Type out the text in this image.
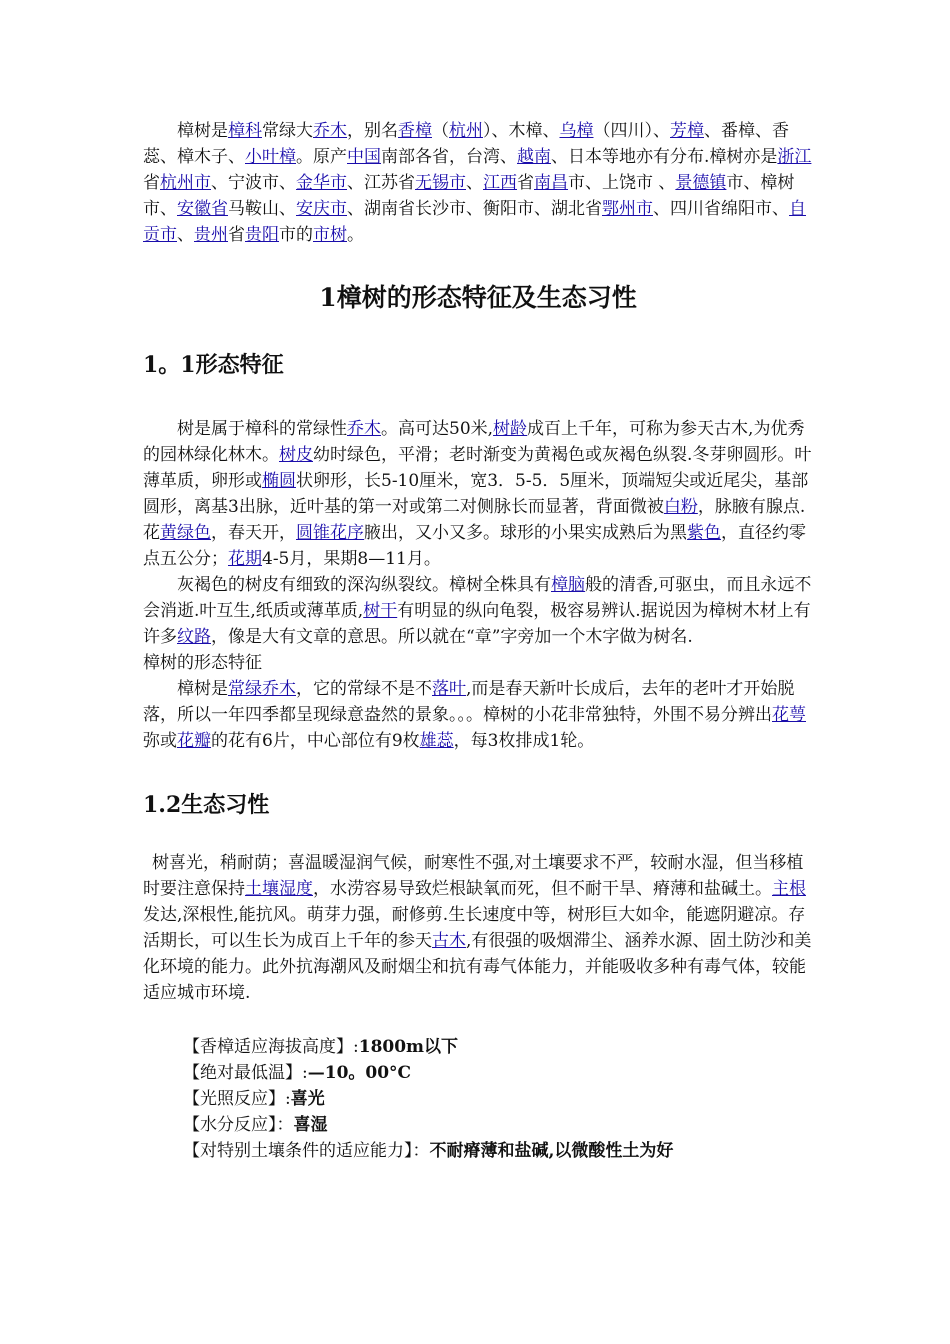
樟树是樟科常绿大乔木，别名香樟（杭州）、木樟、乌樟（四川）、芳樟、番樟、香蕊、樟木子、小叶樟。原产中国南部各省，台湾、越南、日本等地亦有分布.樟树亦是浙江省杭州市、宁波市、金华市、江苏省无锡市、江西省南昌市、上饶市 、景德镇市、樟树市、安徽省马鞍山、安庆市、湖南省长沙市、衡阳市、湖北省鄂州市、四川省绵阳市、自贡市、贵州省贵阳市的市树。

1樟树的形态特征及生态习性
1。1形态特征

树是属于樟科的常绿性乔木。高可达50米,树龄成百上千年，可称为参天古木,为优秀的园林绿化林木。树皮幼时绿色，平滑；老时渐变为黄褐色或灰褐色纵裂.冬芽卵圆形。叶薄革质，卵形或椭圆状卵形，长5-10厘米，宽3．5-5．5厘米，顶端短尖或近尾尖，基部圆形，离基3出脉，近叶基的第一对或第二对侧脉长而显著，背面微被白粉，脉腋有腺点.花黄绿色，春天开，圆锥花序腋出，又小又多。球形的小果实成熟后为黑紫色，直径约零点五公分；花期4-5月，果期8—11月。

灰褐色的树皮有细致的深沟纵裂纹。樟树全株具有樟脑般的清香,可驱虫，而且永远不会消逝.叶互生,纸质或薄革质,树干有明显的纵向龟裂，极容易辨认.据说因为樟树木材上有许多纹路，像是大有文章的意思。所以就在“章”字旁加一个木字做为树名.

樟树的形态特征

樟树是常绿乔木，它的常绿不是不落叶,而是春天新叶长成后，去年的老叶才开始脱落，所以一年四季都呈现绿意盎然的景象。。。樟树的小花非常独特，外围不易分辨出花萼弥或花瓣的花有6片，中心部位有9枚雄蕊，每3枚排成1轮。

1.2生态习性

树喜光，稍耐荫；喜温暖湿润气候，耐寒性不强,对土壤要求不严，较耐水湿，但当移植时要注意保持土壤湿度，水涝容易导致烂根缺氧而死，但不耐干旱、瘠薄和盐碱土。主根发达,深根性,能抗风。萌芽力强，耐修剪.生长速度中等，树形巨大如伞，能遮阴避凉。存活期长，可以生长为成百上千年的参天古木,有很强的吸烟滞尘、涵养水源、固土防沙和美化环境的能力。此外抗海潮风及耐烟尘和抗有毒气体能力，并能吸收多种有毒气体，较能适应城市环境.

【香樟适应海拔高度】:1800m以下
【绝对最低温】:—10。00°C
【光照反应】:喜光
【水分反应】：喜湿
【对特别土壤条件的适应能力】：不耐瘠薄和盐碱,以微酸性土为好
